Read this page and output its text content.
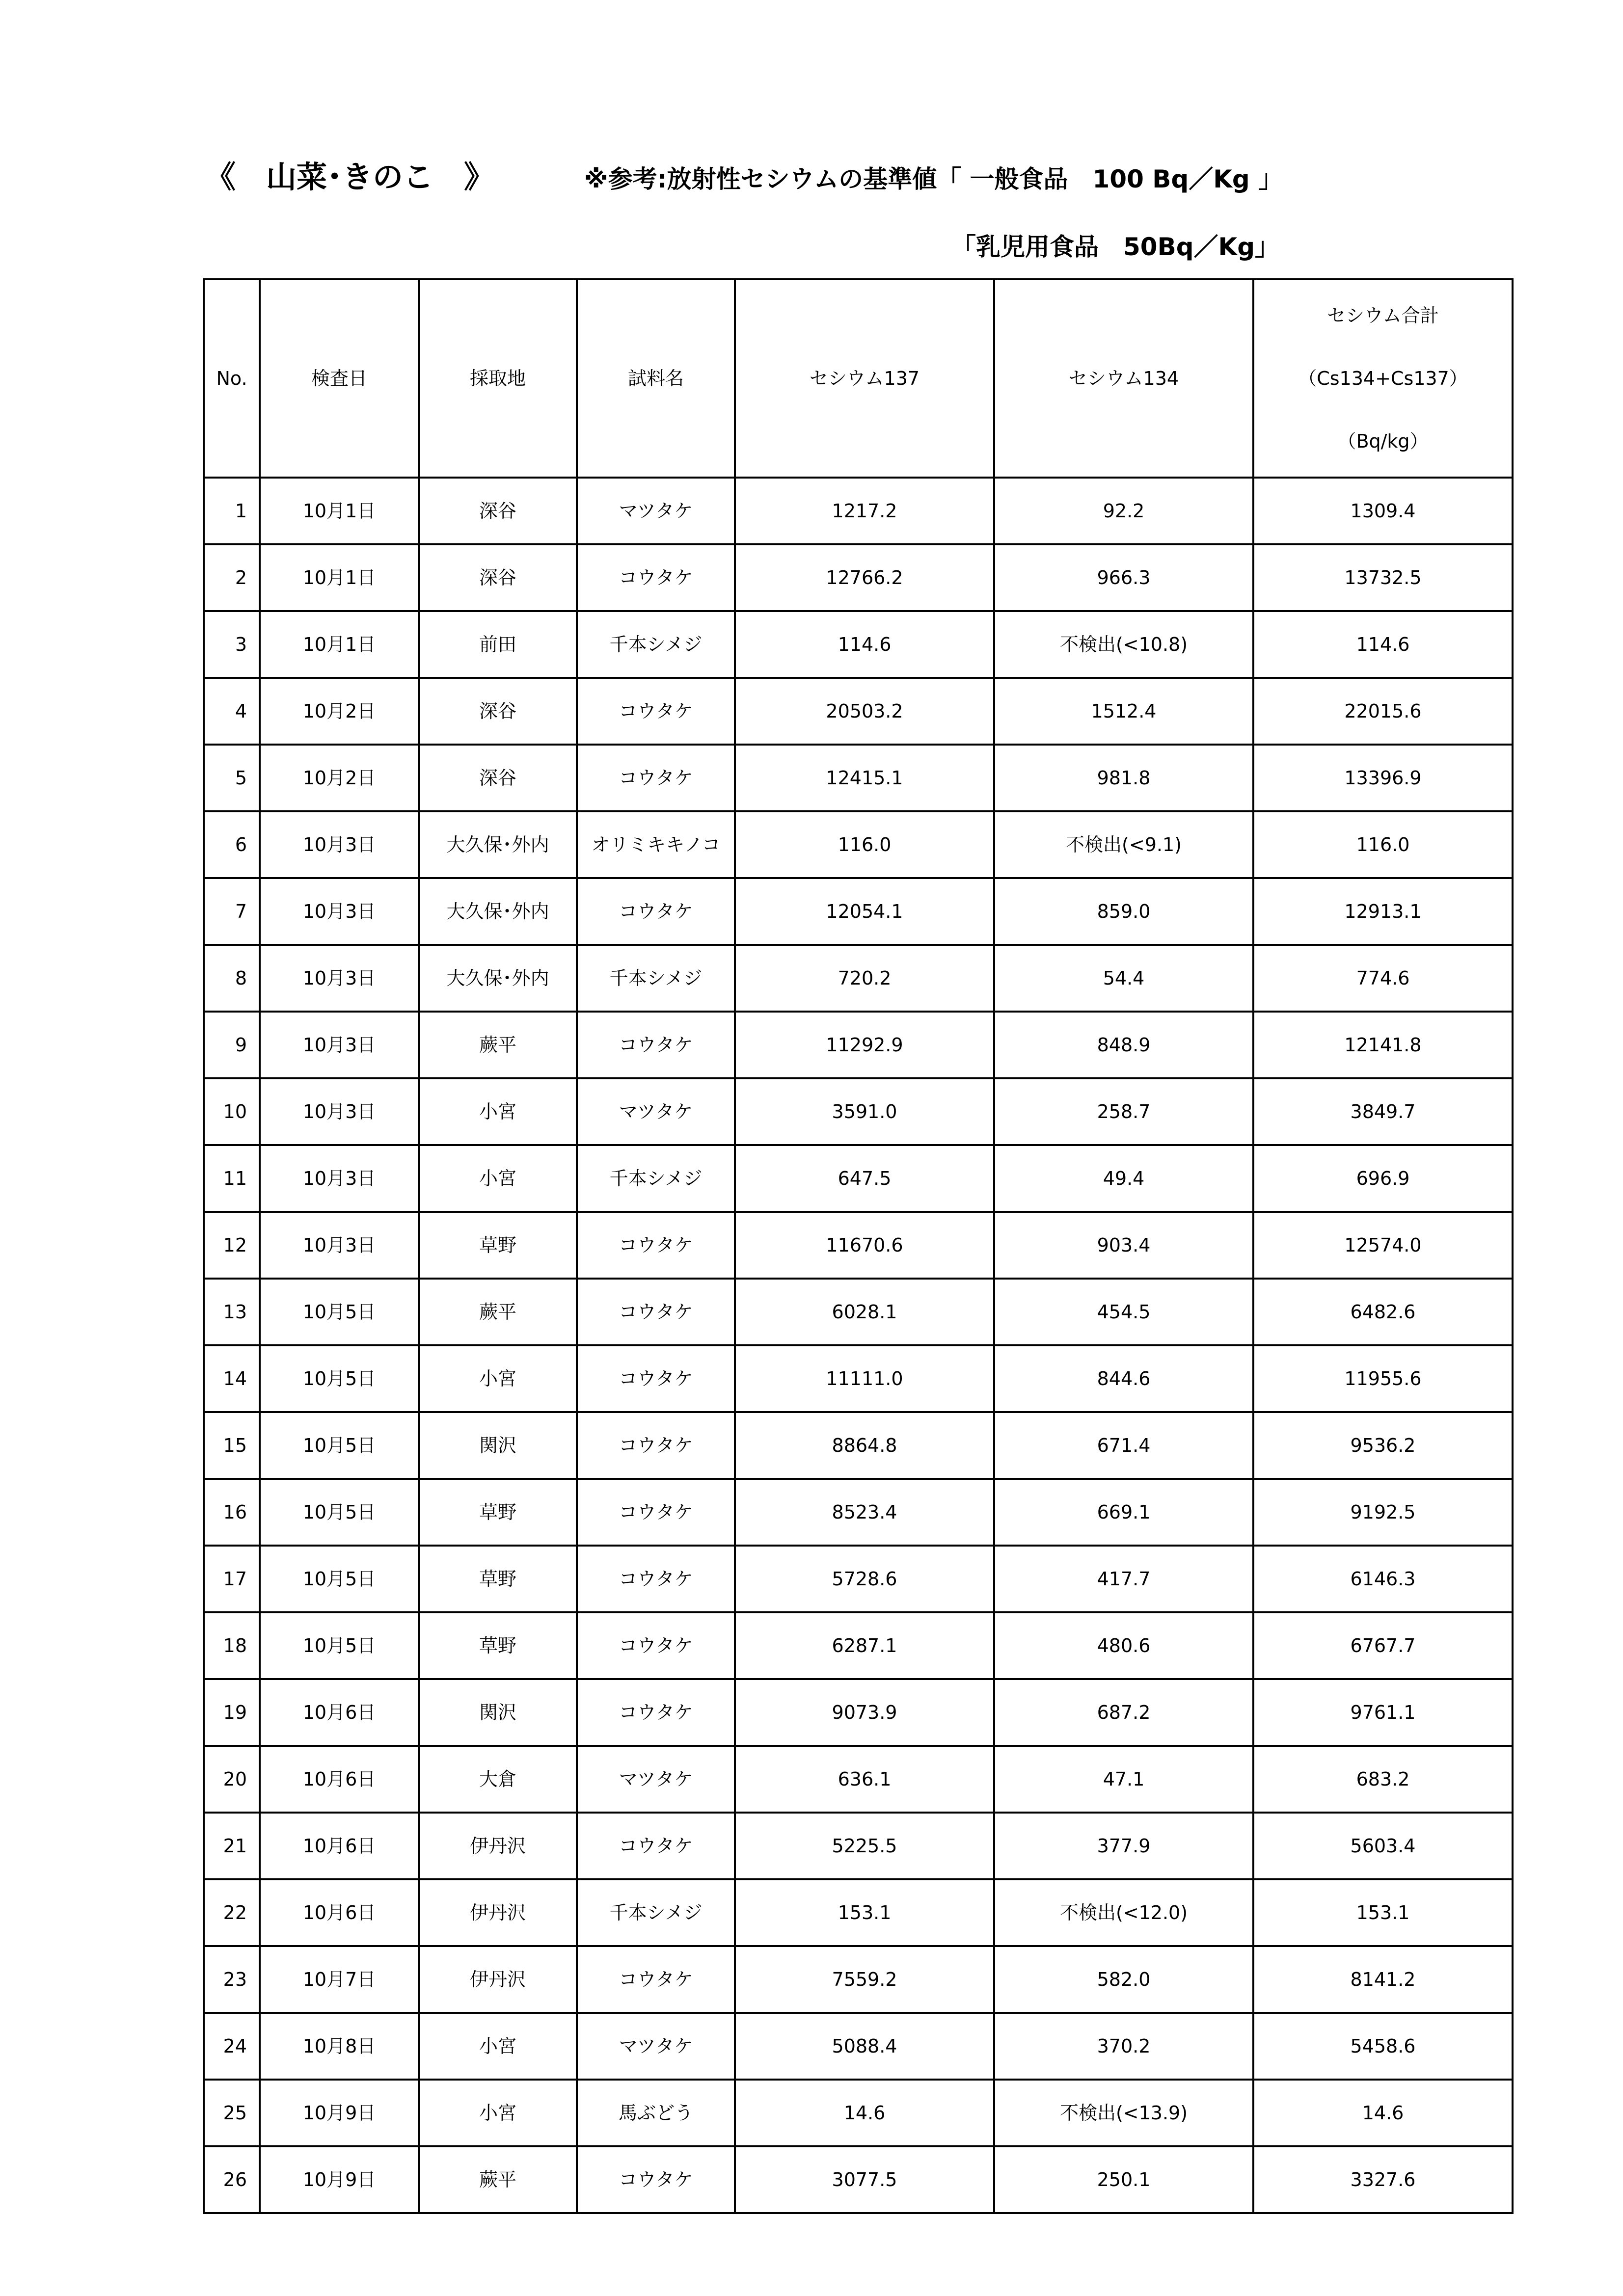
《　山菜･きのこ　》	※参考:放射性セシウムの基準値「 一般食品　100 Bq／Kg 」
「乳児用食品　50Bq／Kg」
No.	検査日	採取地	試料名	セシウム137	セシウム134	セシウム合計
（Cs134+Cs137）
（Bq/kg）

1	10月1日	深谷	マツタケ	1217.2	92.2	1309.4
2	10月1日	深谷	コウタケ	12766.2	966.3	13732.5
3	10月1日	前田	千本シメジ	114.6	不検出(<10.8)	114.6
4	10月2日	深谷	コウタケ	20503.2	1512.4	22015.6
5	10月2日	深谷	コウタケ	12415.1	981.8	13396.9
6	10月3日	大久保･外内	オリミキキノコ	116.0	不検出(<9.1)	116.0
7	10月3日	大久保･外内	コウタケ	12054.1	859.0	12913.1
8	10月3日	大久保･外内	千本シメジ	720.2	54.4	774.6
9	10月3日	蕨平	コウタケ	11292.9	848.9	12141.8
10	10月3日	小宮	マツタケ	3591.0	258.7	3849.7
11	10月3日	小宮	千本シメジ	647.5	49.4	696.9
12	10月3日	草野	コウタケ	11670.6	903.4	12574.0
13	10月5日	蕨平	コウタケ	6028.1	454.5	6482.6
14	10月5日	小宮	コウタケ	11111.0	844.6	11955.6
15	10月5日	関沢	コウタケ	8864.8	671.4	9536.2
16	10月5日	草野	コウタケ	8523.4	669.1	9192.5
17	10月5日	草野	コウタケ	5728.6	417.7	6146.3
18	10月5日	草野	コウタケ	6287.1	480.6	6767.7
19	10月6日	関沢	コウタケ	9073.9	687.2	9761.1
20	10月6日	大倉	マツタケ	636.1	47.1	683.2
21	10月6日	伊丹沢	コウタケ	5225.5	377.9	5603.4
22	10月6日	伊丹沢	千本シメジ	153.1	不検出(<12.0)	153.1
23	10月7日	伊丹沢	コウタケ	7559.2	582.0	8141.2
24	10月8日	小宮	マツタケ	5088.4	370.2	5458.6
25	10月9日	小宮	馬ぶどう	14.6	不検出(<13.9)	14.6
26	10月9日	蕨平	コウタケ	3077.5	250.1	3327.6
